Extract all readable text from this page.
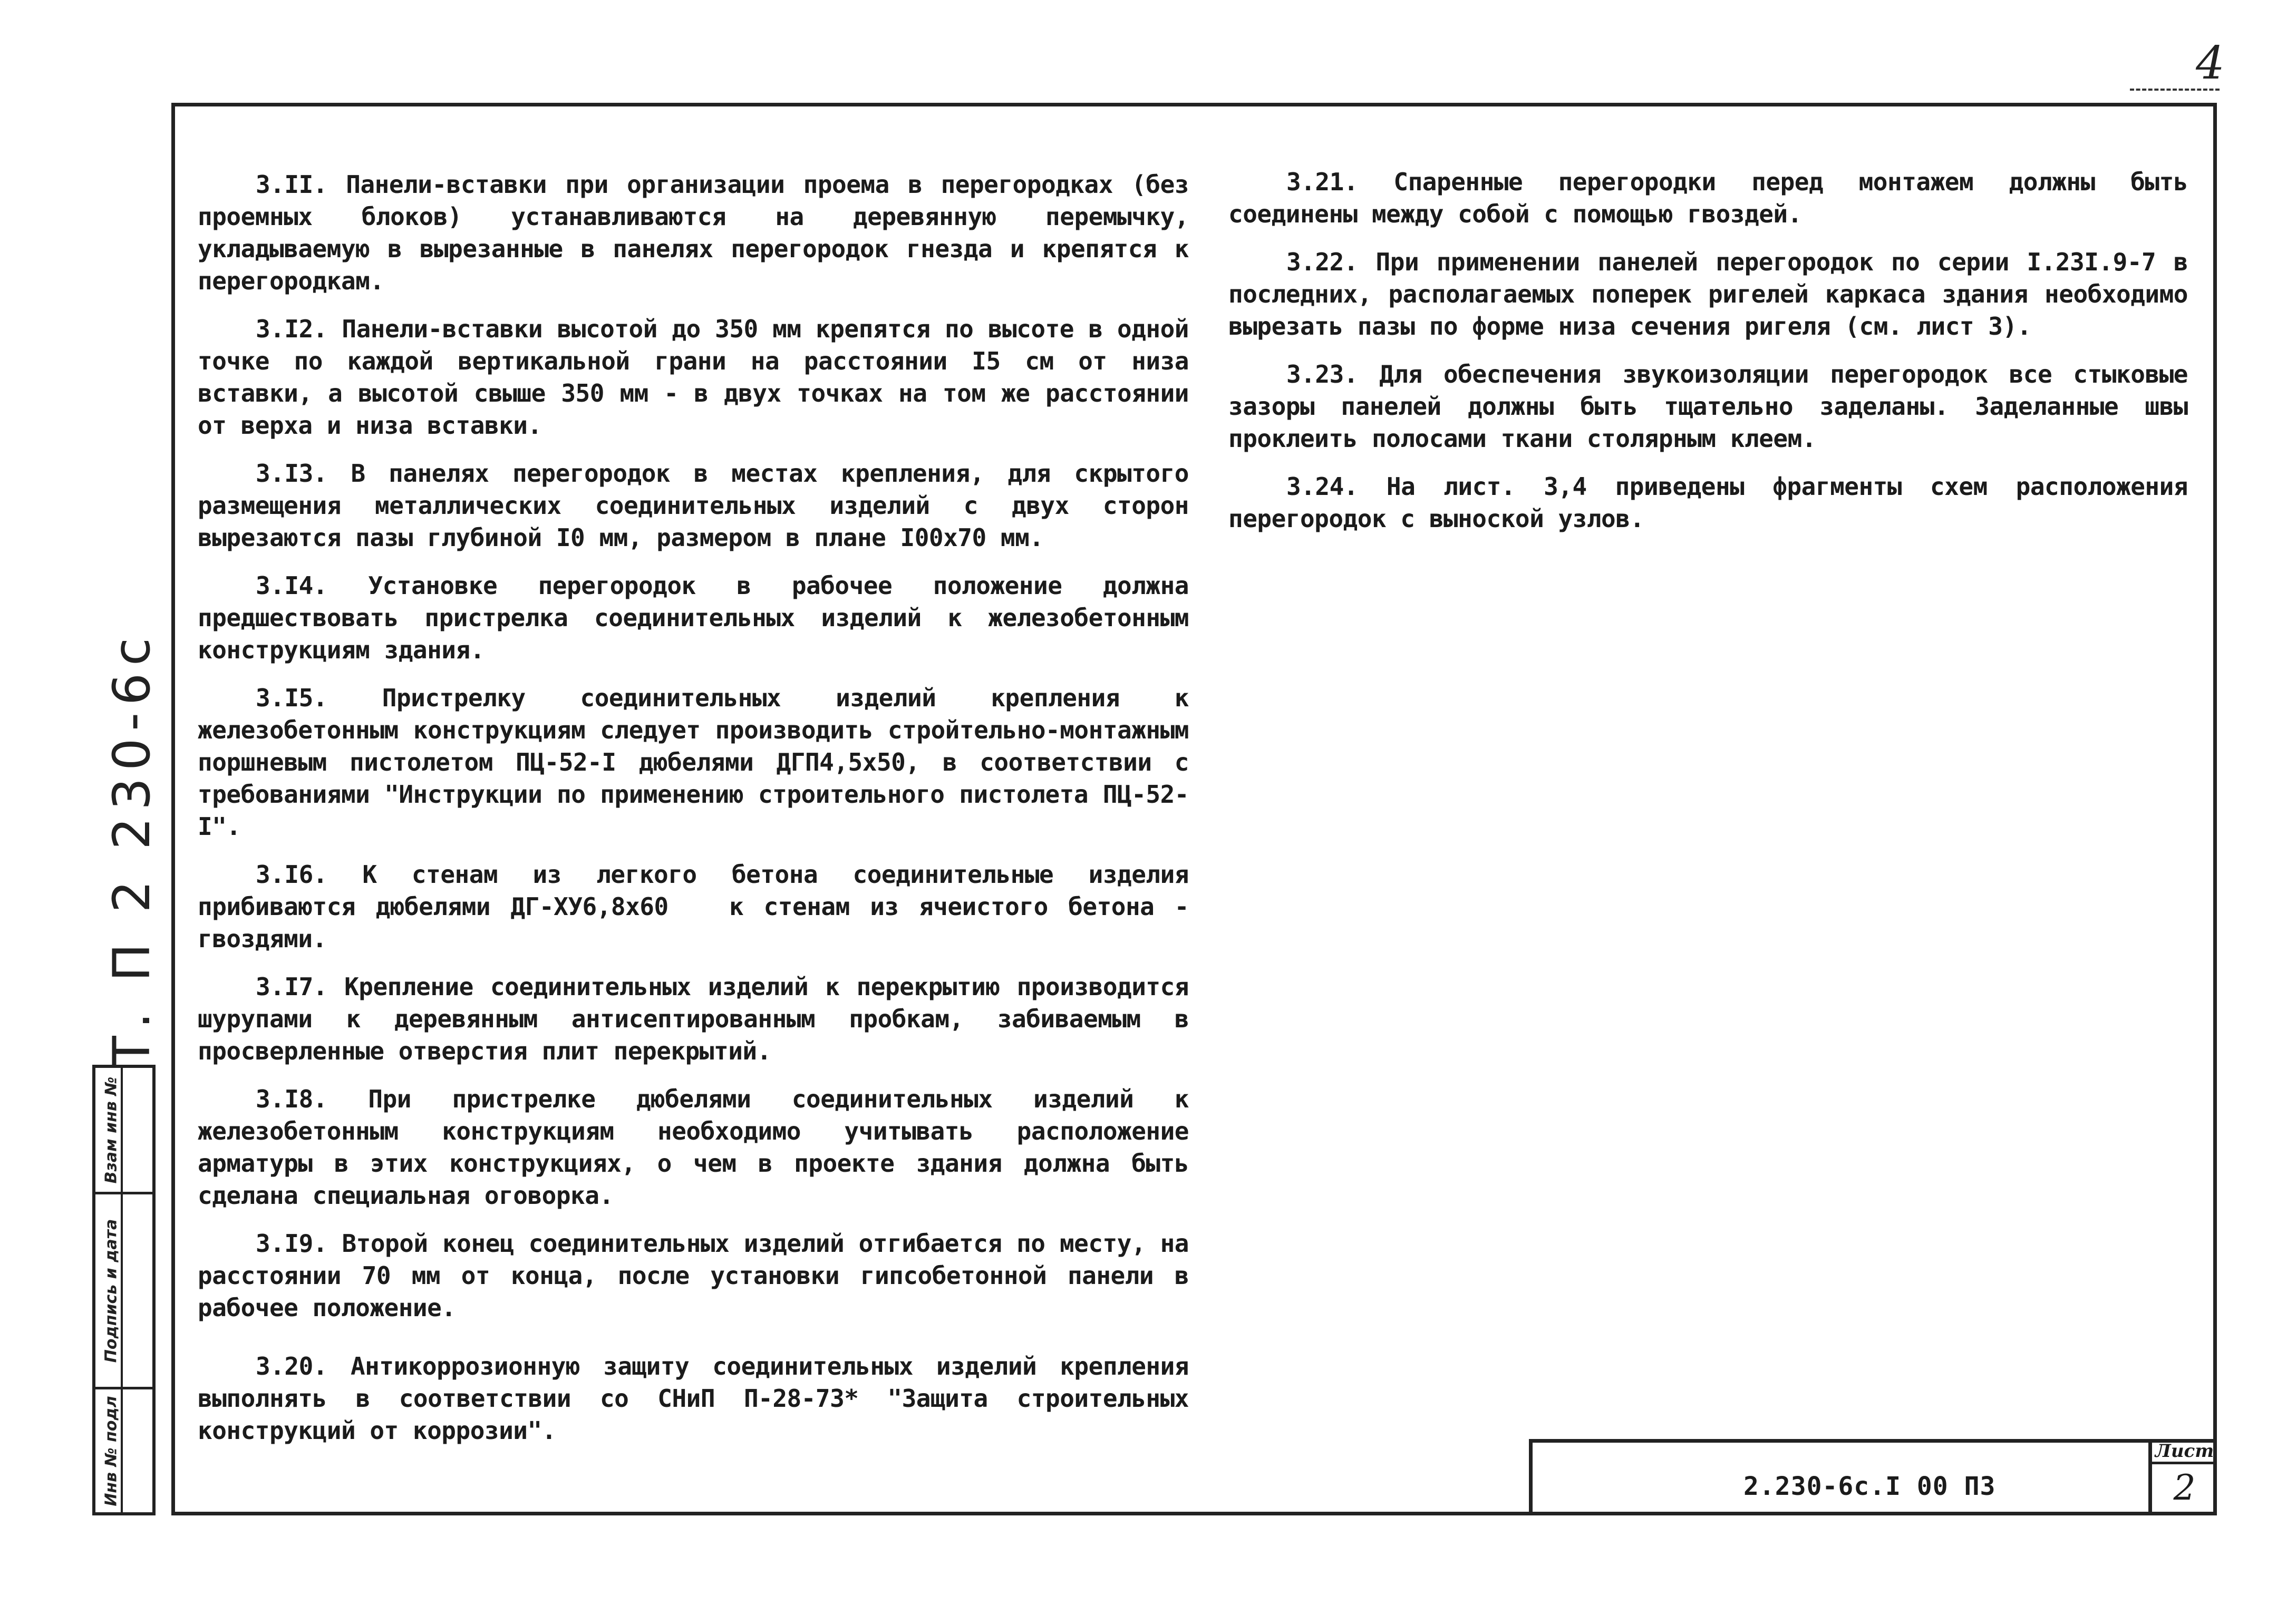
4
Т. П 2 230-6с
Взам инв №
Подпись и дата
Инв № подл

3.II. Панели-вставки при организации проема в перегородках (без проемных блоков) устанавливаются на деревянную перемычку, укладываемую в вырезанные в панелях перегородок гнезда и крепятся к перегородкам.

3.I2. Панели-вставки высотой до 350 мм крепятся по высоте в одной точке по каждой вертикальной грани на расстоянии I5 см от низа вставки, а высотой свыше 350 мм - в двух точках на том же расстоянии от верха и низа вставки.

3.I3. В панелях перегородок в местах крепления, для скрытого размещения металлических соединительных изделий с двух сторон вырезаются пазы глубиной I0 мм, размером в плане I00х70 мм.

3.I4. Установке перегородок в рабочее положение должна предшествовать пристрелка соединительных изделий к железобетонным конструкциям здания.

3.I5. Пристрелку соединительных изделий крепления к железобетонным конструкциям следует производить стройтельно-монтажным поршневым пистолетом ПЦ-52-I дюбелями ДГП4,5х50, в соответствии с требованиями "Инструкции по применению строительного пистолета ПЦ-52-I".

3.I6. К стенам из легкого бетона соединительные изделия прибиваются дюбелями ДГ-ХУ6,8х60   к стенам из ячеистого бетона - гвоздями.

3.I7. Крепление соединительных изделий к перекрытию производится шурупами к деревянным антисептированным пробкам, забиваемым в просверленные отверстия плит перекрытий.

3.I8. При пристрелке дюбелями соединительных изделий к железобетонным конструкциям необходимо учитывать расположение арматуры в этих конструкциях, о чем в проекте здания должна быть сделана специальная оговорка.

3.I9. Второй конец соединительных изделий отгибается по месту, на расстоянии 70 мм от конца, после установки гипсобетонной панели в рабочее положение.

3.20. Антикоррозионную защиту соединительных изделий крепления выполнять в соответствии со СНиП П-28-73* "Защита строительных конструкций от коррозии".

3.21. Спаренные перегородки перед монтажем должны быть соединены между собой с помощью гвоздей.

3.22. При применении панелей перегородок по серии I.23I.9-7 в последних, располагаемых поперек ригелей каркаса здания необходимо вырезать пазы по форме низа сечения ригеля (см. лист 3).

3.23. Для обеспечения звукоизоляции перегородок все стыковые зазоры панелей должны быть тщательно заделаны. Заделанные швы проклеить полосами ткани столярным клеем.

3.24. На лист. 3,4 приведены фрагменты схем расположения перегородок с выноской узлов.

2.230-6с.I 00 ПЗ
Лист
2
